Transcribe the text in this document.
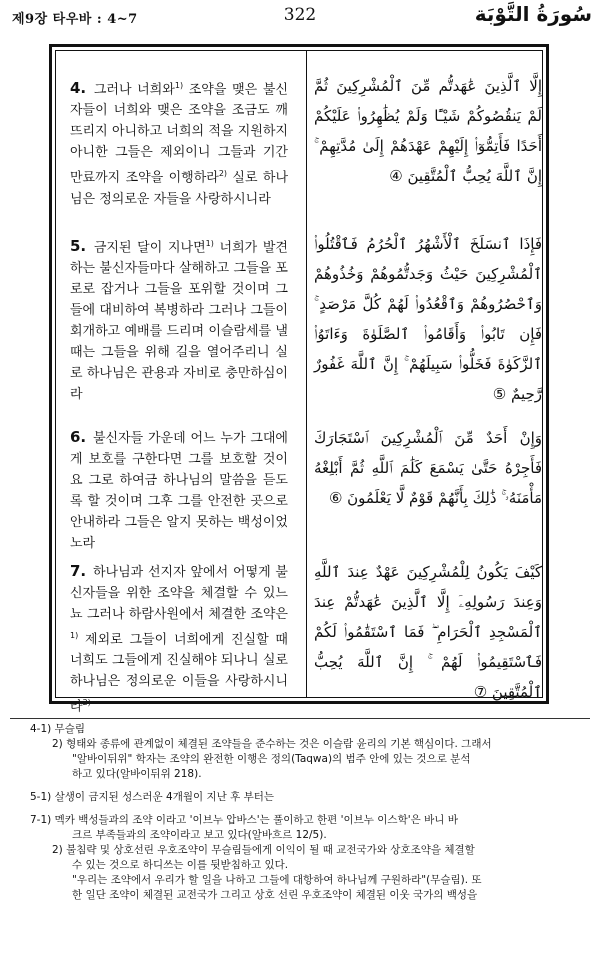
제9장 타우바 : 4~7	322	سُورَةُ التَّوْبَة
4. 그러나 너희와$^{1)}$ 조약을 맺은 불신자들이 너희와 맺은 조약을 조금도 깨뜨리지 아니하고 너희의 적을 지원하지 아니한 그들은 제외이니 그들과 기간 만료까지 조약을 이행하라$^{2)}$ 실로 하나님은 정의로운 자들을 사랑하시니라
إِلَّا ٱلَّذِينَ عَٰهَدتُّم مِّنَ ٱلْمُشْرِكِينَ ثُمَّ لَمْ يَنقُصُوكُمْ شَيْـًٔا وَلَمْ يُظَٰهِرُوا۟ عَلَيْكُمْ أَحَدًا فَأَتِمُّوٓا۟ إِلَيْهِمْ عَهْدَهُمْ إِلَىٰ مُدَّتِهِمْ ۚ إِنَّ ٱللَّهَ يُحِبُّ ٱلْمُتَّقِينَ ④
5. 금지된 달이 지나면$^{1)}$ 너희가 발견하는 불신자들마다 살해하고 그들을 포로로 잡거나 그들을 포위할 것이며 그들에 대비하여 복병하라 그러나 그들이 회개하고 예배를 드리며 이슬람세를 낼 때는 그들을 위해 길을 열어주리니 실로 하나님은 관용과 자비로 충만하심이라
فَإِذَا ٱنسَلَخَ ٱلْأَشْهُرُ ٱلْحُرُمُ فَٱقْتُلُوا۟ ٱلْمُشْرِكِينَ حَيْثُ وَجَدتُّمُوهُمْ وَخُذُوهُمْ وَٱحْصُرُوهُمْ وَٱقْعُدُوا۟ لَهُمْ كُلَّ مَرْصَدٍ ۚ فَإِن تَابُوا۟ وَأَقَامُوا۟ ٱلصَّلَوٰةَ وَءَاتَوُا۟ ٱلزَّكَوٰةَ فَخَلُّوا۟ سَبِيلَهُمْ ۚ إِنَّ ٱللَّهَ غَفُورٌ رَّحِيمٌ ⑤
6. 불신자들 가운데 어느 누가 그대에게 보호를 구한다면 그를 보호할 것이요 그로 하여금 하나님의 말씀을 듣도록 할 것이며 그후 그를 안전한 곳으로 안내하라 그들은 알지 못하는 백성이었노라
وَإِنْ أَحَدٌ مِّنَ ٱلْمُشْرِكِينَ ٱسْتَجَارَكَ فَأَجِرْهُ حَتَّىٰ يَسْمَعَ كَلَٰمَ ٱللَّهِ ثُمَّ أَبْلِغْهُ مَأْمَنَهُۥ ۚ ذَٰلِكَ بِأَنَّهُمْ قَوْمٌ لَّا يَعْلَمُونَ ⑥
7. 하나님과 선지자 앞에서 어떻게 불신자들을 위한 조약을 체결할 수 있느뇨 그러나 하람사원에서 체결한 조약은$^{1)}$ 제외로 그들이 너희에게 진실할 때 너희도 그들에게 진실해야 되나니 실로 하나님은 정의로운 이들을 사랑하시니라$^{2)}$
كَيْفَ يَكُونُ لِلْمُشْرِكِينَ عَهْدٌ عِندَ ٱللَّهِ وَعِندَ رَسُولِهِۦٓ إِلَّا ٱلَّذِينَ عَٰهَدتُّمْ عِندَ ٱلْمَسْجِدِ ٱلْحَرَامِ ۖ فَمَا ٱسْتَقَٰمُوا۟ لَكُمْ فَٱسْتَقِيمُوا۟ لَهُمْ ۚ إِنَّ ٱللَّهَ يُحِبُّ ٱلْمُتَّقِينَ ⑦

4-1) 무슬림

2) 형태와 종류에 관계없이 체결된 조약들을 준수하는 것은 이슬람 윤리의 기본 핵심이다. 그래서

"알바이뒤위" 학자는 조약의 완전한 이행은 정의(Taqwa)의 범주 안에 있는 것으로 분석

하고 있다(알바이뒤위 218).

5-1) 살생이 금지된 성스러운 4개월이 지난 후 부터는

7-1) 멕카 백성들과의 조약 이라고 '이브누 압바스'는 풀이하고 한편 '이브누 이스학'은 바니 바

크르 부족들과의 조약이라고 보고 있다(알바흐르 12/5).

2) 불침략 및 상호선린 우호조약이 무슬림들에게 이익이 될 때 교전국가와 상호조약을 체결할

수 있는 것으로 하디쓰는 이를 뒷받침하고 있다.

"우리는 조약에서 우리가 할 일을 나하고 그들에 대항하여 하나님께 구원하라"(무슬림). 또

한 일단 조약이 체결된 교전국가 그리고 상호 선린 우호조약이 체결된 이웃 국가의 백성을
